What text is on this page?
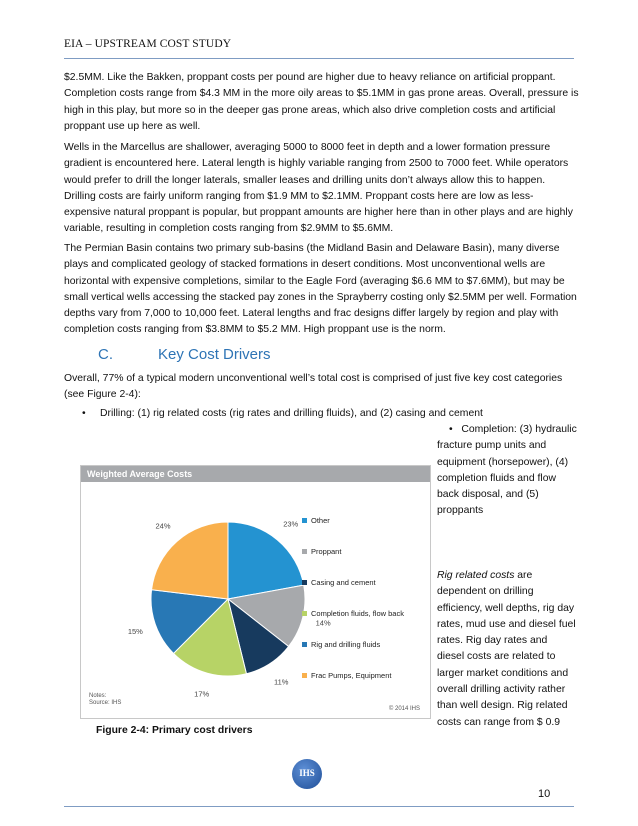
EIA – UPSTREAM COST STUDY

$2.5MM. Like the Bakken, proppant costs per pound are higher due to heavy reliance on artificial proppant. Completion costs range from $4.3 MM in the more oily areas to $5.1MM in gas prone areas. Overall, pressure is high in this play, but more so in the deeper gas prone areas, which also drive completion costs and artificial proppant use up here as well.

Wells in the Marcellus are shallower, averaging 5000 to 8000 feet in depth and a lower formation pressure gradient is encountered here. Lateral length is highly variable ranging from 2500 to 7000 feet. While operators would prefer to drill the longer laterals, smaller leases and drilling units don’t always allow this to happen. Drilling costs are fairly uniform ranging from $1.9 MM to $2.1MM. Proppant costs here are low as less-expensive natural proppant is popular, but proppant amounts are higher here than in other plays and are highly variable, resulting in completion costs ranging from $2.9MM to $5.6MM.

The Permian Basin contains two primary sub-basins (the Midland Basin and Delaware Basin), many diverse plays and complicated geology of stacked formations in desert conditions. Most unconventional wells are horizontal with expensive completions, similar to the Eagle Ford (averaging $6.6 MM to $7.6MM), but may be small vertical wells accessing the stacked pay zones in the Sprayberry costing only $2.5MM per well. Formation depths vary from 7,000 to 10,000 feet. Lateral lengths and frac designs differ largely by region and play with completion costs ranging from $3.8MM to $5.2 MM. High proppant use is the norm.

C.	Key Cost Drivers

Overall, 77% of a typical modern unconventional well’s total cost is comprised of just five key cost categories (see Figure 2-4):

• Drilling: (1) rig related costs (rig rates and drilling fluids), and (2) casing and cement
•   Completion: (3) hydraulic fracture pump units and equipment (horsepower), (4) completion fluids and flow back disposal, and (5) proppants
Weighted Average Costs
23%
14%
11%
17%
15%
24%
Other
Proppant
Casing and cement
Completion fluids, flow back
Rig and drilling fluids
Frac Pumps, Equipment
Notes:
Source: IHS
© 2014 IHS
Figure 2-4: Primary cost drivers

Rig related costs are dependent on drilling efficiency, well depths, rig day rates, mud use and diesel fuel rates. Rig day rates and diesel costs are related to larger market conditions and overall drilling activity rather than well design. Rig related costs can range from $ 0.9

IHS
10
